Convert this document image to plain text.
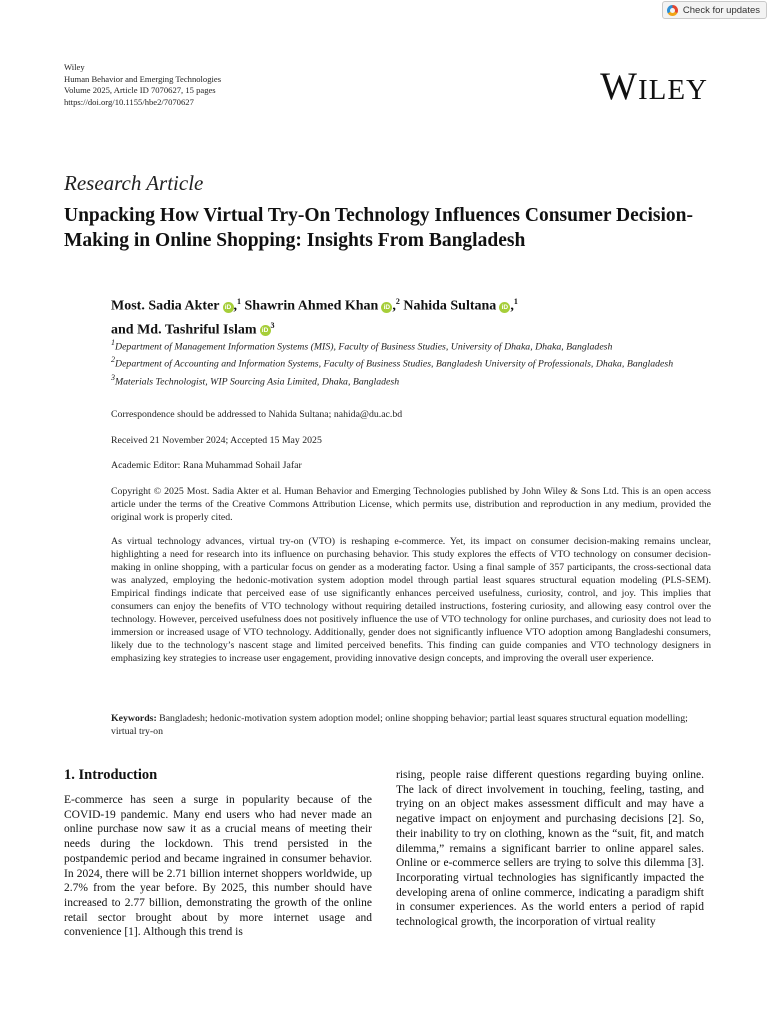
Check for updates
Wiley
Human Behavior and Emerging Technologies
Volume 2025, Article ID 7070627, 15 pages
https://doi.org/10.1155/hbe2/7070627	WILEY
Research Article
Unpacking How Virtual Try-On Technology Influences Consumer Decision-Making in Online Shopping: Insights From Bangladesh
Most. Sadia Akter iD ,$^1$ Shawrin Ahmed Khan iD ,$^2$ Nahida Sultana iD ,$^1$
and Md. Tashriful Islam $iD^3$
$^1$Department of Management Information Systems (MIS), Faculty of Business Studies, University of Dhaka, Dhaka, Bangladesh
$^2$Department of Accounting and Information Systems, Faculty of Business Studies, Bangladesh University of Professionals, Dhaka, Bangladesh
$^3$Materials Technologist, WIP Sourcing Asia Limited, Dhaka, Bangladesh
Correspondence should be addressed to Nahida Sultana; nahida@du.ac.bd
Received 21 November 2024; Accepted 15 May 2025
Academic Editor: Rana Muhammad Sohail Jafar
Copyright © 2025 Most. Sadia Akter et al. Human Behavior and Emerging Technologies published by John Wiley & Sons Ltd. This is an open access article under the terms of the Creative Commons Attribution License, which permits use, distribution and reproduction in any medium, provided the original work is properly cited.
As virtual technology advances, virtual try-on (VTO) is reshaping e-commerce. Yet, its impact on consumer decision-making remains unclear, highlighting a need for research into its influence on purchasing behavior. This study explores the effects of VTO technology on consumer decision-making in online shopping, with a particular focus on gender as a moderating factor. Using a final sample of 357 participants, the cross-sectional data was analyzed, employing the hedonic-motivation system adoption model through partial least squares structural equation modeling (PLS-SEM). Empirical findings indicate that perceived ease of use significantly enhances perceived usefulness, curiosity, control, and joy. This implies that consumers can enjoy the benefits of VTO technology without requiring detailed instructions, fostering curiosity, and allowing easy control over the technology. However, perceived usefulness does not positively influence the use of VTO technology for online purchases, and curiosity does not lead to immersion or increased usage of VTO technology. Additionally, gender does not significantly influence VTO adoption among Bangladeshi consumers, likely due to the technology’s nascent stage and limited perceived benefits. This finding can guide companies and VTO technology designers in emphasizing key strategies to increase user engagement, providing innovative design concepts, and improving the overall user experience.
Keywords: Bangladesh; hedonic-motivation system adoption model; online shopping behavior; partial least squares structural equation modelling; virtual try-on
1. Introduction

E-commerce has seen a surge in popularity because of the COVID-19 pandemic. Many end users who had never made an online purchase now saw it as a crucial means of meeting their needs during the lockdown. This trend persisted in the postpandemic period and became ingrained in consumer behavior. In 2024, there will be 2.71 billion internet shoppers worldwide, up 2.7% from the year before. By 2025, this number should have increased to 2.77 billion, demonstrating the growth of the online retail sector brought about by more internet usage and convenience [1]. Although this trend is

rising, people raise different questions regarding buying online. The lack of direct involvement in touching, feeling, tasting, and trying on an object makes assessment difficult and may have a negative impact on enjoyment and purchasing decisions [2]. So, their inability to try on clothing, known as the “suit, fit, and match dilemma,” remains a significant barrier to online apparel sales. Online or e-commerce sellers are trying to solve this dilemma [3]. Incorporating virtual technologies has significantly impacted the developing arena of online commerce, indicating a paradigm shift in consumer experiences. As the world enters a period of rapid technological growth, the incorporation of virtual reality
